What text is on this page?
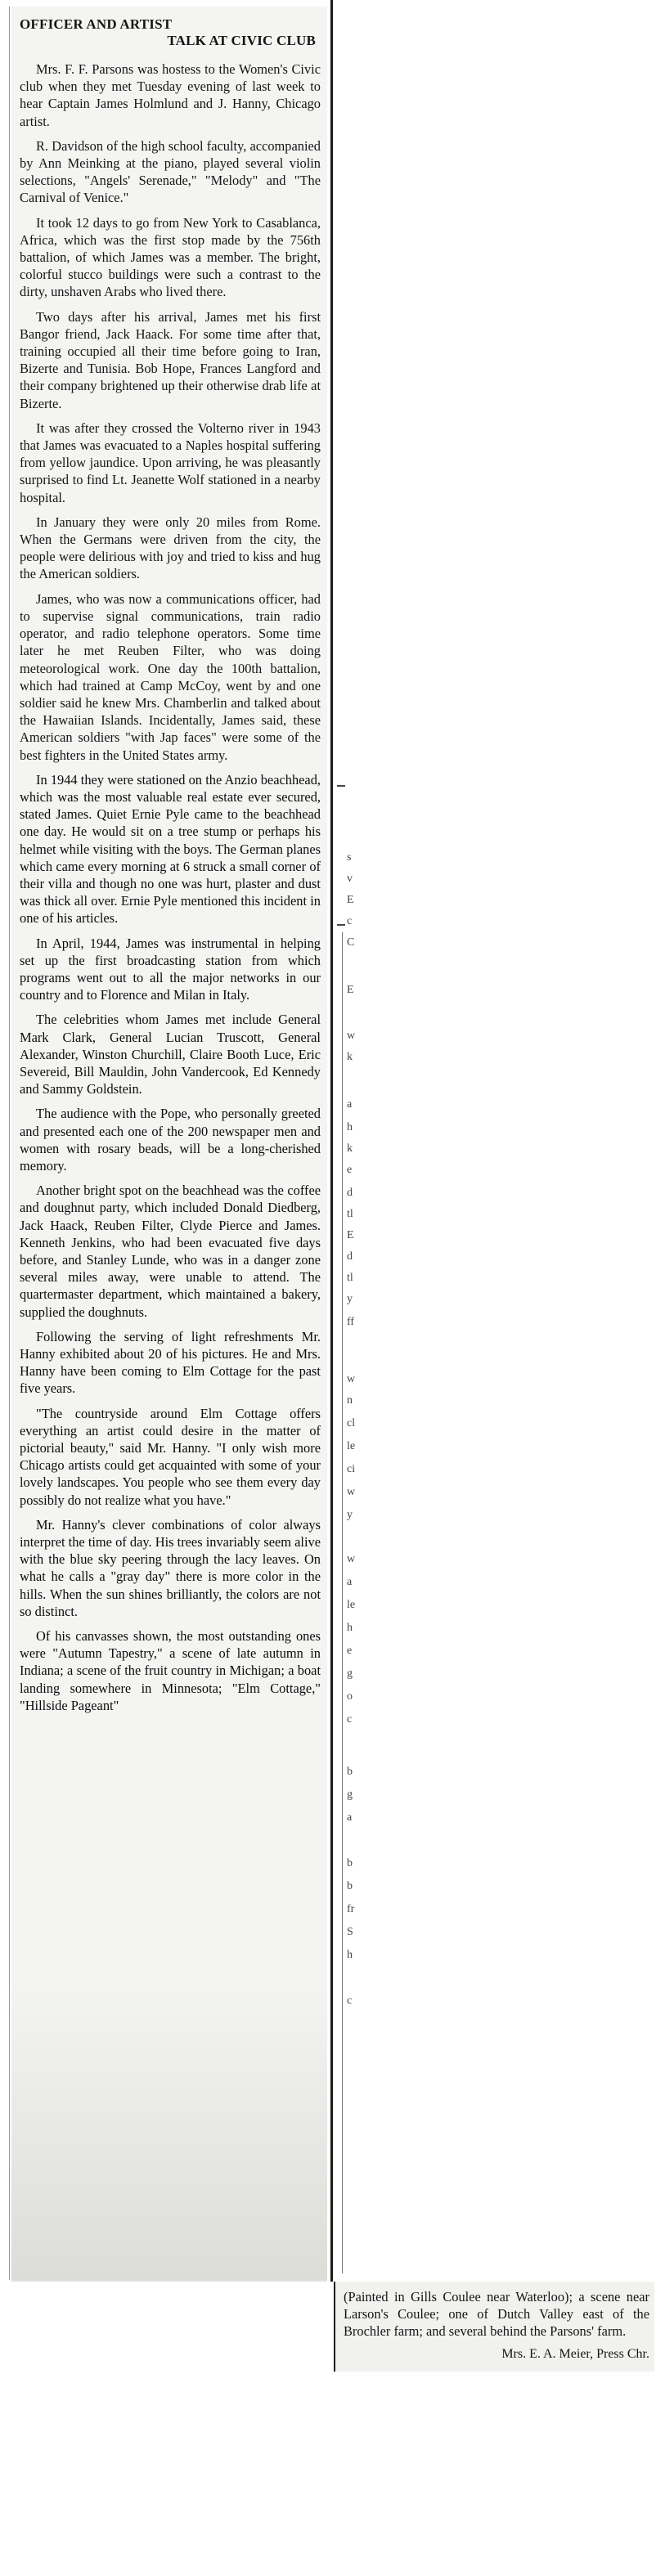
OFFICER AND ARTIST
TALK AT CIVIC CLUB

Mrs. F. F. Parsons was hostess to the Women's Civic club when they met Tuesday evening of last week to hear Captain James Holmlund and J. Hanny, Chicago artist.

R. Davidson of the high school faculty, accompanied by Ann Meinking at the piano, played several violin selections, "Angels' Serenade," "Melody" and "The Carnival of Venice."

It took 12 days to go from New York to Casablanca, Africa, which was the first stop made by the 756th battalion, of which James was a member. The bright, colorful stucco buildings were such a contrast to the dirty, unshaven Arabs who lived there.

Two days after his arrival, James met his first Bangor friend, Jack Haack. For some time after that, training occupied all their time before going to Iran, Bizerte and Tunisia. Bob Hope, Frances Langford and their company brightened up their otherwise drab life at Bizerte.

It was after they crossed the Volterno river in 1943 that James was evacuated to a Naples hospital suffering from yellow jaundice. Upon arriving, he was pleasantly surprised to find Lt. Jeanette Wolf stationed in a nearby hospital.

In January they were only 20 miles from Rome. When the Germans were driven from the city, the people were delirious with joy and tried to kiss and hug the American soldiers.

James, who was now a communications officer, had to supervise signal communications, train radio operator, and radio telephone operators. Some time later he met Reuben Filter, who was doing meteorological work. One day the 100th battalion, which had trained at Camp McCoy, went by and one soldier said he knew Mrs. Chamberlin and talked about the Hawaiian Islands. Incidentally, James said, these American soldiers "with Jap faces" were some of the best fighters in the United States army.

In 1944 they were stationed on the Anzio beachhead, which was the most valuable real estate ever secured, stated James. Quiet Ernie Pyle came to the beachhead one day. He would sit on a tree stump or perhaps his helmet while visiting with the boys. The German planes which came every morning at 6 struck a small corner of their villa and though no one was hurt, plaster and dust was thick all over. Ernie Pyle mentioned this incident in one of his articles.

In April, 1944, James was instrumental in helping set up the first broadcasting station from which programs went out to all the major networks in our country and to Florence and Milan in Italy.

The celebrities whom James met include General Mark Clark, General Lucian Truscott, General Alexander, Winston Churchill, Claire Booth Luce, Eric Severeid, Bill Mauldin, John Vandercook, Ed Kennedy and Sammy Goldstein.

The audience with the Pope, who personally greeted and presented each one of the 200 newspaper men and women with rosary beads, will be a long-cherished memory.

Another bright spot on the beachhead was the coffee and doughnut party, which included Donald Diedberg, Jack Haack, Reuben Filter, Clyde Pierce and James. Kenneth Jenkins, who had been evacuated five days before, and Stanley Lunde, who was in a danger zone several miles away, were unable to attend. The quartermaster department, which maintained a bakery, supplied the doughnuts.

Following the serving of light refreshments Mr. Hanny exhibited about 20 of his pictures. He and Mrs. Hanny have been coming to Elm Cottage for the past five years.

"The countryside around Elm Cottage offers everything an artist could desire in the matter of pictorial beauty," said Mr. Hanny. "I only wish more Chicago artists could get acquainted with some of your lovely landscapes. You people who see them every day possibly do not realize what you have."

Mr. Hanny's clever combinations of color always interpret the time of day. His trees invariably seem alive with the blue sky peering through the lacy leaves. On what he calls a "gray day" there is more color in the hills. When the sun shines brilliantly, the colors are not so distinct.

Of his canvasses shown, the most outstanding ones were "Autumn Tapestry," a scene of late autumn in Indiana; a scene of the fruit country in Michigan; a boat landing somewhere in Minnesota; "Elm Cottage," "Hillside Pageant"

s
v
E
c
C
E
w
k
a
h
k
e
d
tl
E
d
tl
y
ff
w
n
cl
le
ci
w
y
w
a
le
h
e
g
o
c
b
g
a
b
b
fr
S
h
c

(Painted in Gills Coulee near Waterloo); a scene near Larson's Coulee; one of Dutch Valley east of the Brochler farm; and several behind the Parsons' farm.

Mrs. E. A. Meier, Press Chr.
